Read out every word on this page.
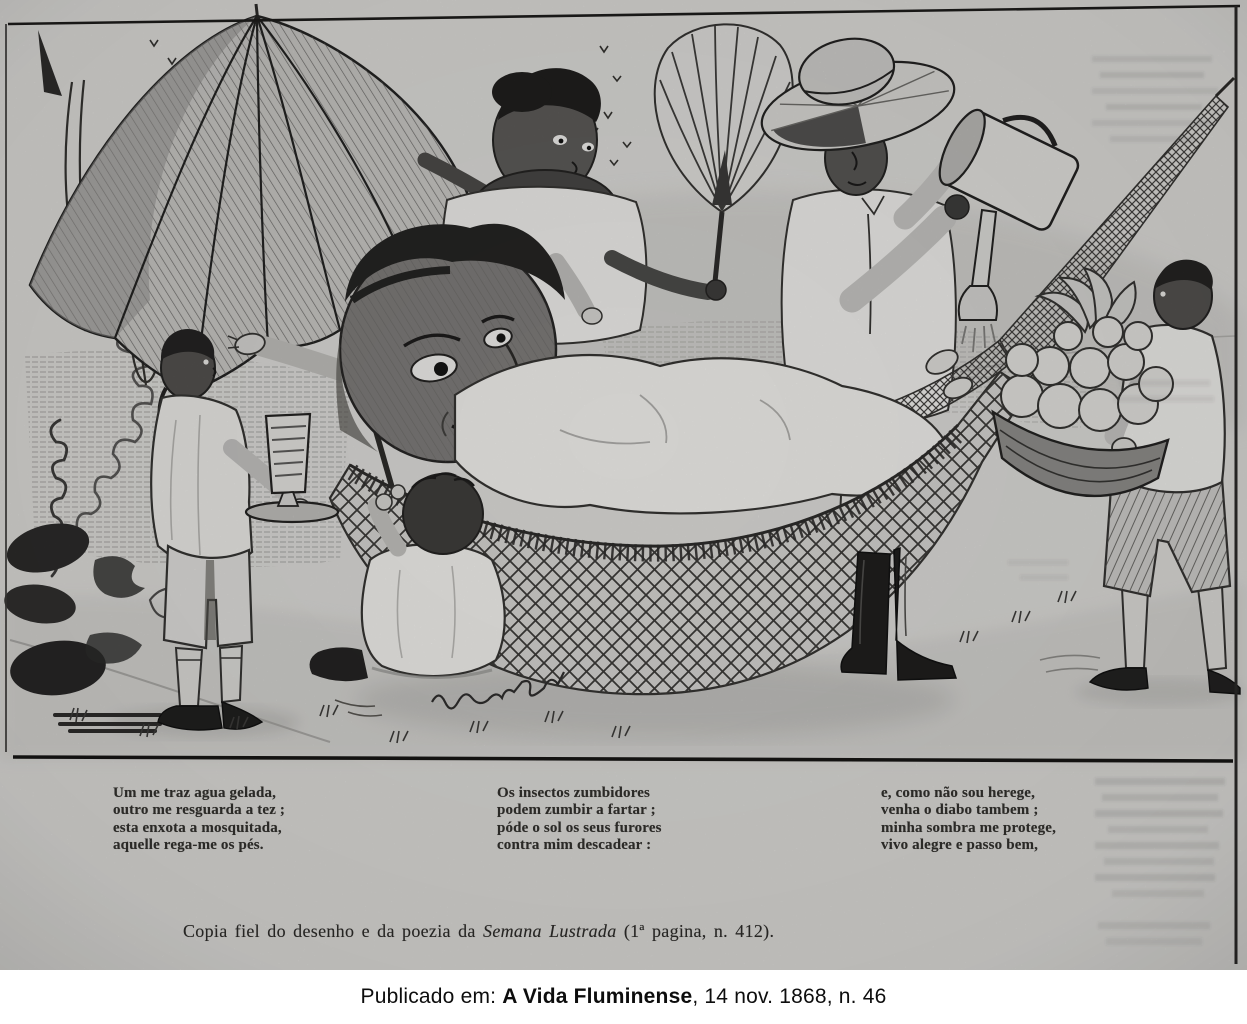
Um me traz agua gelada,
outro me resguarda a tez ;
esta enxota a mosquitada,
aquelle rega-me os pés.
Os insectos zumbidores
podem zumbir a fartar ;
póde o sol os seus furores
contra mim descadear :
e, como não sou herege,
venha o diabo tambem ;
minha sombra me protege,
vivo alegre e passo bem,
Copia fiel do desenho e da poezia da Semana Lustrada (1ª pagina, n. 412).

Publicado em: A Vida Fluminense, 14 nov. 1868, n. 46
